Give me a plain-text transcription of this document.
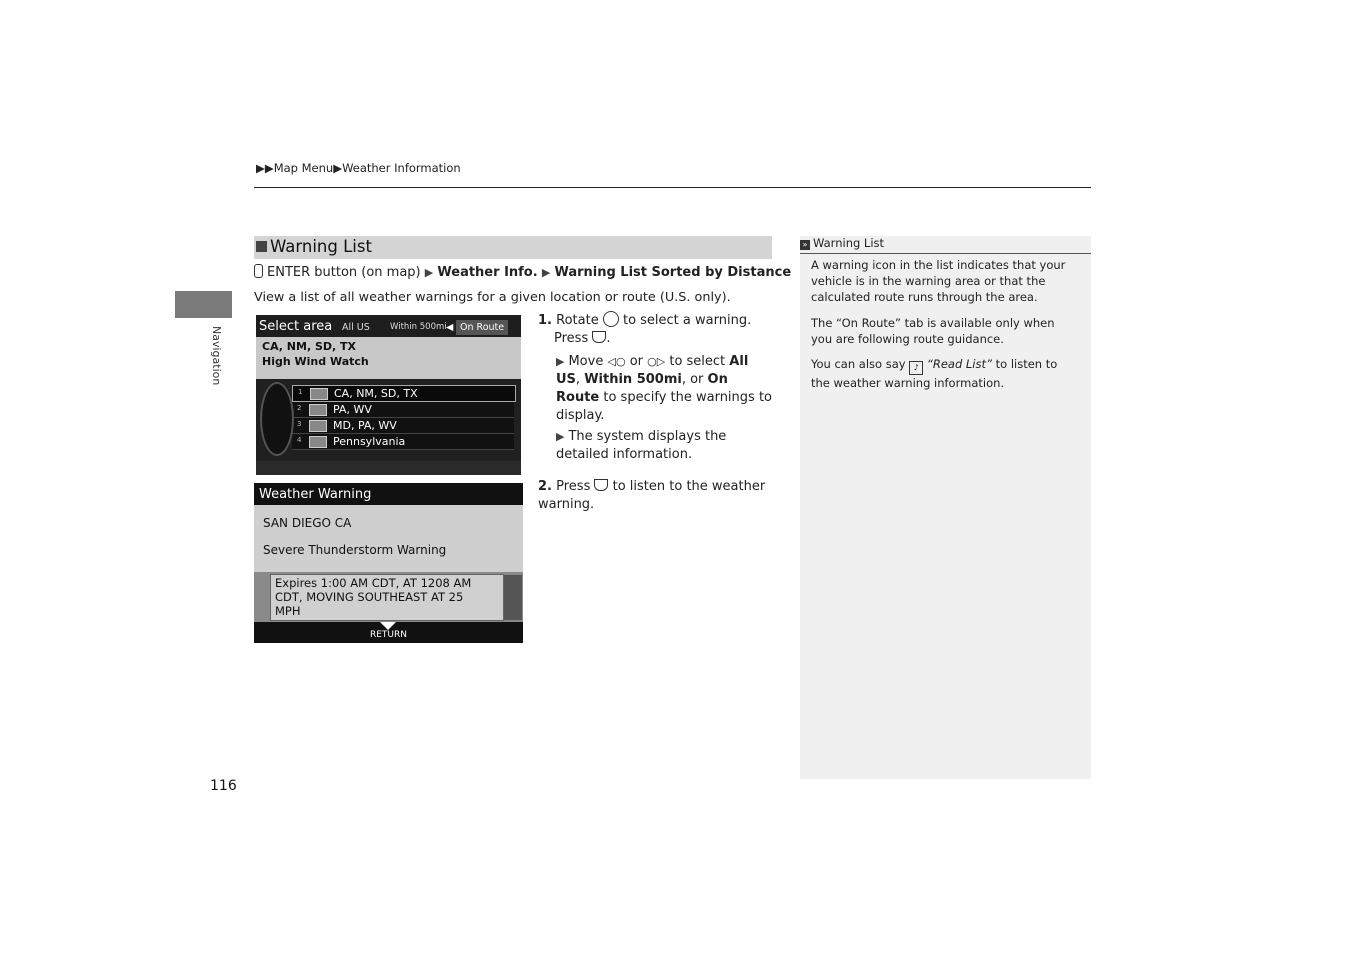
▶▶Map Menu▶Weather Information
Navigation
Warning List
ENTER button (on map) ▶ Weather Info. ▶ Warning List Sorted by Distance
View a list of all weather warnings for a given location or route (U.S. only).
Select area All US Within 500mi ◀ On Route
CA, NM, SD, TX
High Wind Watch
1	CA, NM, SD, TX
2	PA, WV
3	MD, PA, WV
4	Pennsylvania
Weather Warning
SAN DIEGO CA
Severe Thunderstorm Warning
Expires 1:00 AM CDT, AT 1208 AM
CDT, MOVING SOUTHEAST AT 25
MPH
RETURN
1. Rotate to select a warning.
Press .
▶ Move ◁○ or ○▷ to select All US, Within 500mi, or On Route to specify the warnings to display.
▶ The system displays the detailed information.
2. Press to listen to the weather warning.
» Warning List
A warning icon in the list indicates that your vehicle is in the warning area or that the calculated route runs through the area.
The “On Route” tab is available only when you are following route guidance.
You can also say ♪ “Read List” to listen to the weather warning information.
116
